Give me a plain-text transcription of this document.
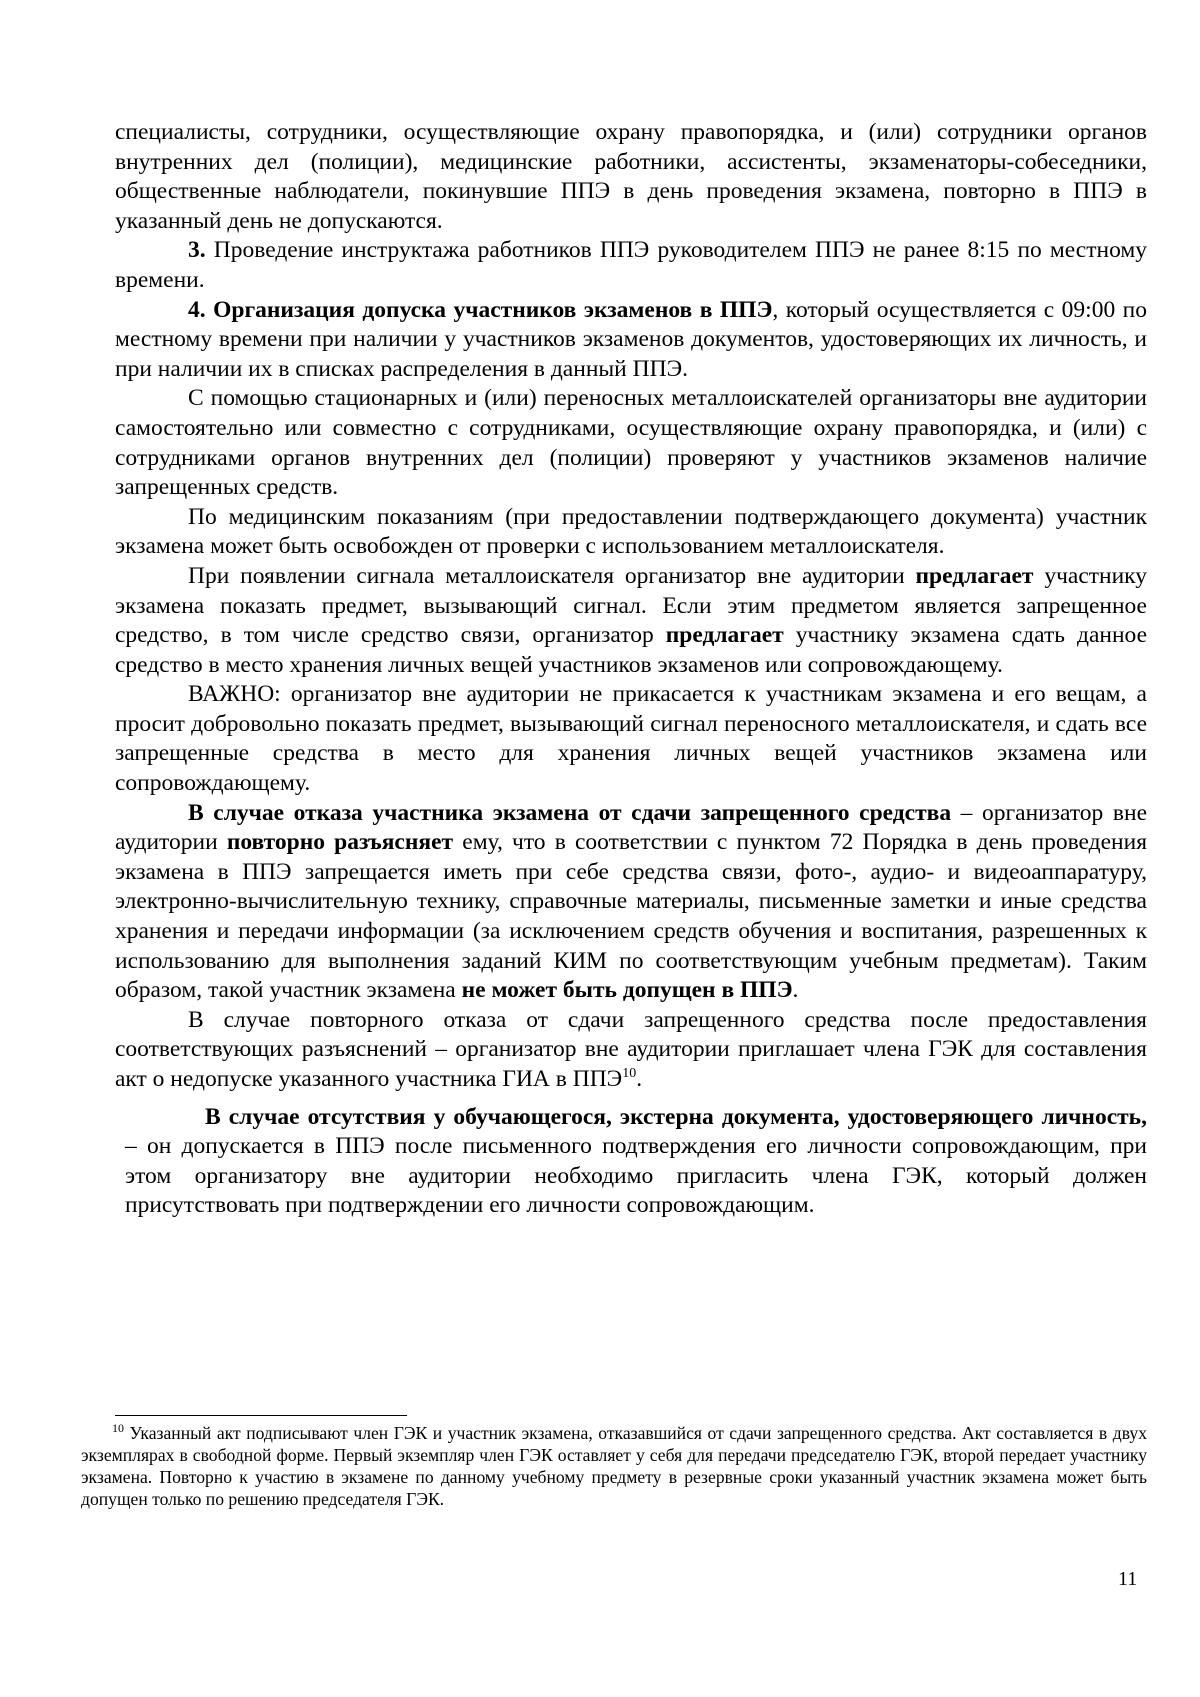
специалисты, сотрудники, осуществляющие охрану правопорядка, и (или) сотрудники органов внутренних дел (полиции), медицинские работники, ассистенты, экзаменаторы-собеседники, общественные наблюдатели, покинувшие ППЭ в день проведения экзамена, повторно в ППЭ в указанный день не допускаются.

3. Проведение инструктажа работников ППЭ руководителем ППЭ не ранее 8:15 по местному времени.

4. Организация допуска участников экзаменов в ППЭ, который осуществляется с 09:00 по местному времени при наличии у участников экзаменов документов, удостоверяющих их личность, и при наличии их в списках распределения в данный ППЭ.

С помощью стационарных и (или) переносных металлоискателей организаторы вне аудитории самостоятельно или совместно с сотрудниками, осуществляющие охрану правопорядка, и (или) с сотрудниками органов внутренних дел (полиции) проверяют у участников экзаменов наличие запрещенных средств.

По медицинским показаниям (при предоставлении подтверждающего документа) участник экзамена может быть освобожден от проверки с использованием металлоискателя.

При появлении сигнала металлоискателя организатор вне аудитории предлагает участнику экзамена показать предмет, вызывающий сигнал. Если этим предметом является запрещенное средство, в том числе средство связи, организатор предлагает участнику экзамена сдать данное средство в место хранения личных вещей участников экзаменов или сопровождающему.

ВАЖНО: организатор вне аудитории не прикасается к участникам экзамена и его вещам, а просит добровольно показать предмет, вызывающий сигнал переносного металлоискателя, и сдать все запрещенные средства в место для хранения личных вещей участников экзамена или сопровождающему.

В случае отказа участника экзамена от сдачи запрещенного средства – организатор вне аудитории повторно разъясняет ему, что в соответствии с пунктом 72 Порядка в день проведения экзамена в ППЭ запрещается иметь при себе средства связи, фото-, аудио- и видеоаппаратуру, электронно-вычислительную технику, справочные материалы, письменные заметки и иные средства хранения и передачи информации (за исключением средств обучения и воспитания, разрешенных к использованию для выполнения заданий КИМ по соответствующим учебным предметам). Таким образом, такой участник экзамена не может быть допущен в ППЭ.

В случае повторного отказа от сдачи запрещенного средства после предоставления соответствующих разъяснений – организатор вне аудитории приглашает члена ГЭК для составления акт о недопуске указанного участника ГИА в ППЭ$^{10}$.

В случае отсутствия у обучающегося, экстерна документа, удостоверяющего личность, – он допускается в ППЭ после письменного подтверждения его личности сопровождающим, при этом организатору вне аудитории необходимо пригласить члена ГЭК, который должен присутствовать при подтверждении его личности сопровождающим.

$^{10}$ Указанный акт подписывают член ГЭК и участник экзамена, отказавшийся от сдачи запрещенного средства. Акт составляется в двух экземплярах в свободной форме. Первый экземпляр член ГЭК оставляет у себя для передачи председателю ГЭК, второй передает участнику экзамена. Повторно к участию в экзамене по данному учебному предмету в резервные сроки указанный участник экзамена может быть допущен только по решению председателя ГЭК.

11
